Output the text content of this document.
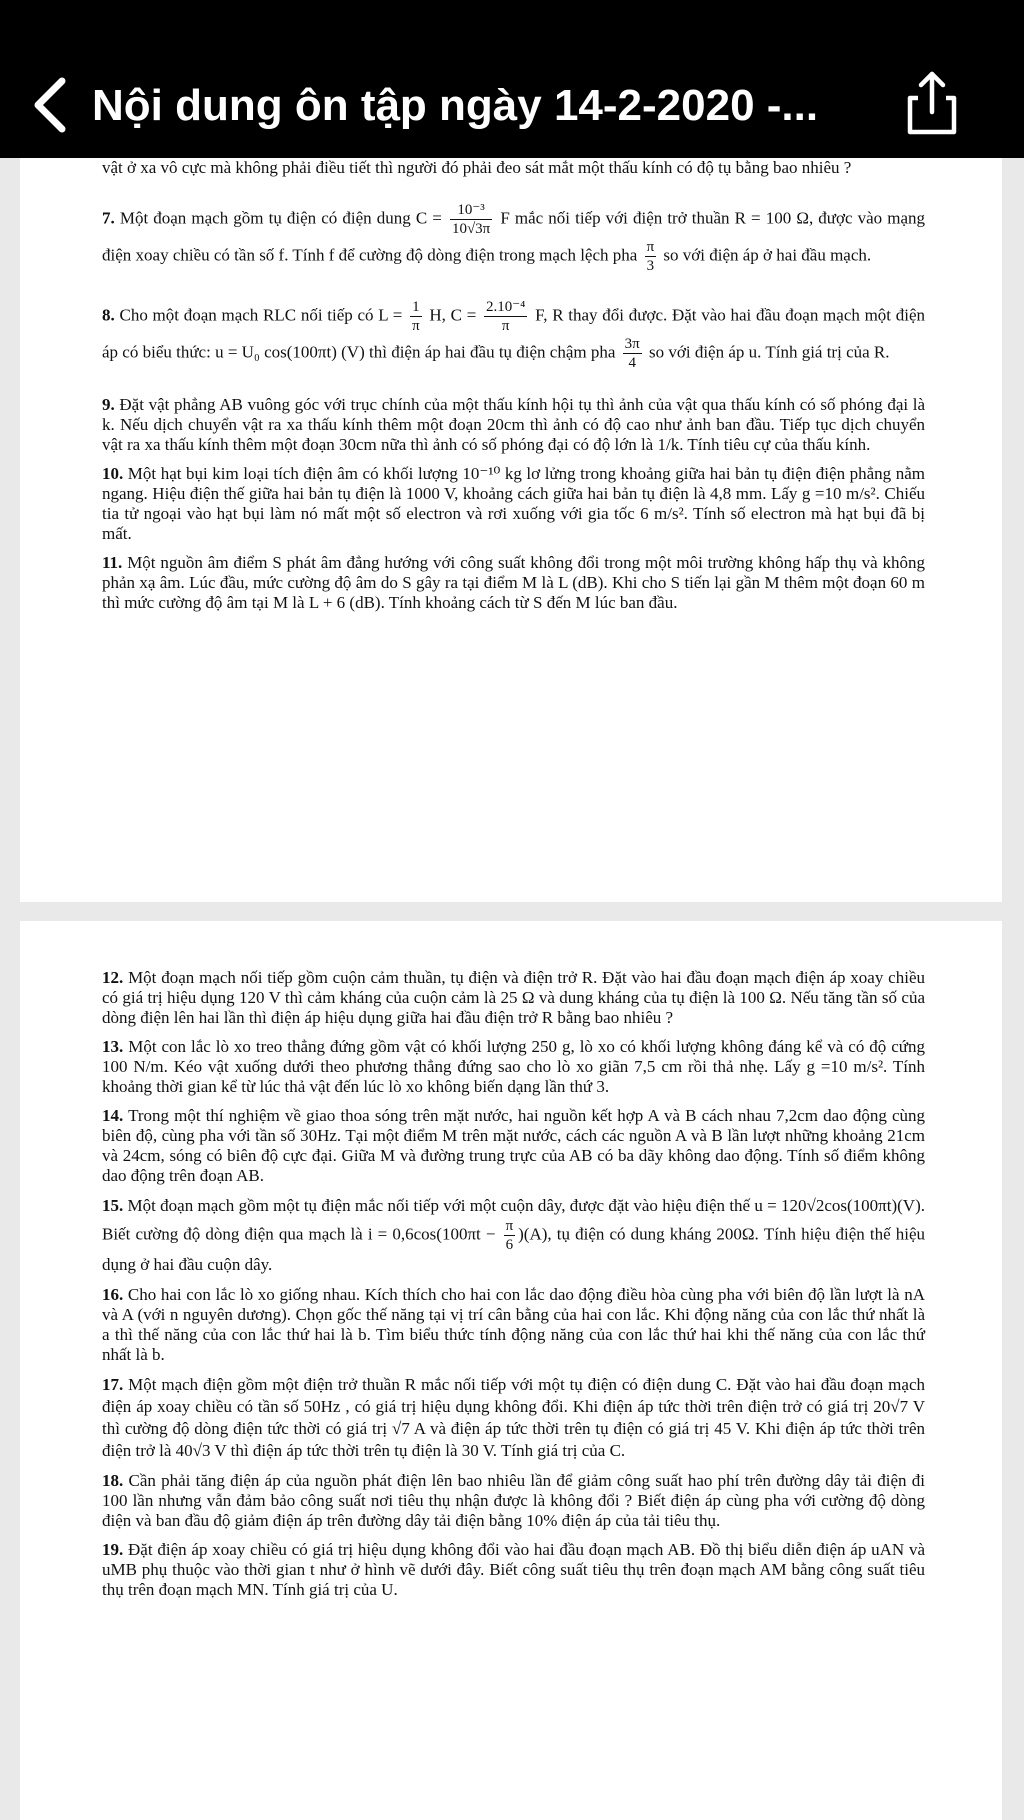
Nội dung ôn tập ngày 14-2-2020 -...

vật ở xa vô cực mà không phải điều tiết thì người đó phải đeo sát mắt một thấu kính có độ tụ bằng bao nhiêu ?

7. Một đoạn mạch gồm tụ điện có điện dung $C = \frac{\text{10⁻³}}{10√3\pi}$ F mắc nối tiếp với điện trở thuần R = 100 Ω, được vào mạng điện xoay chiều có tần số f. Tính f để cường độ dòng điện trong mạch lệch pha $\frac{\pi}{3}$ so với điện áp ở hai đầu mạch.

8. Cho một đoạn mạch RLC nối tiếp có $L = \frac{1}{\pi} H$, $C = \frac{\text{2.10⁻⁴}}{\pi} F$, R thay đổi được. Đặt vào hai đầu đoạn mạch một điện áp có biểu thức: u = U₀ cos(100πt) (V) thì điện áp hai đầu tụ điện chậm pha $\frac{3\pi}{4}$ so với điện áp u. Tính giá trị của R.

9. Đặt vật phẳng AB vuông góc với trục chính của một thấu kính hội tụ thì ảnh của vật qua thấu kính có số phóng đại là k. Nếu dịch chuyển vật ra xa thấu kính thêm một đoạn 20cm thì ảnh có độ cao như ảnh ban đầu. Tiếp tục dịch chuyển vật ra xa thấu kính thêm một đoạn 30cm nữa thì ảnh có số phóng đại có độ lớn là 1/k. Tính tiêu cự của thấu kính.

10. Một hạt bụi kim loại tích điện âm có khối lượng 10⁻¹⁰ kg lơ lửng trong khoảng giữa hai bản tụ điện điện phẳng nằm ngang. Hiệu điện thế giữa hai bản tụ điện là 1000 V, khoảng cách giữa hai bản tụ điện là 4,8 mm. Lấy g =10 m/s². Chiếu tia tử ngoại vào hạt bụi làm nó mất một số electron và rơi xuống với gia tốc 6 m/s². Tính số electron mà hạt bụi đã bị mất.

11. Một nguồn âm điểm S phát âm đẳng hướng với công suất không đổi trong một môi trường không hấp thụ và không phản xạ âm. Lúc đầu, mức cường độ âm do S gây ra tại điểm M là L (dB). Khi cho S tiến lại gần M thêm một đoạn 60 m thì mức cường độ âm tại M là L + 6 (dB). Tính khoảng cách từ S đến M lúc ban đầu.

12. Một đoạn mạch nối tiếp gồm cuộn cảm thuần, tụ điện và điện trở R. Đặt vào hai đầu đoạn mạch điện áp xoay chiều có giá trị hiệu dụng 120 V thì cảm kháng của cuộn cảm là 25 Ω và dung kháng của tụ điện là 100 Ω. Nếu tăng tần số của dòng điện lên hai lần thì điện áp hiệu dụng giữa hai đầu điện trở R bằng bao nhiêu ?

13. Một con lắc lò xo treo thẳng đứng gồm vật có khối lượng 250 g, lò xo có khối lượng không đáng kể và có độ cứng 100 N/m. Kéo vật xuống dưới theo phương thẳng đứng sao cho lò xo giãn 7,5 cm rồi thả nhẹ. Lấy g =10 m/s². Tính khoảng thời gian kể từ lúc thả vật đến lúc lò xo không biến dạng lần thứ 3.

14. Trong một thí nghiệm về giao thoa sóng trên mặt nước, hai nguồn kết hợp A và B cách nhau 7,2cm dao động cùng biên độ, cùng pha với tần số 30Hz. Tại một điểm M trên mặt nước, cách các nguồn A và B lần lượt những khoảng 21cm và 24cm, sóng có biên độ cực đại. Giữa M và đường trung trực của AB có ba dãy không dao động. Tính số điểm không dao động trên đoạn AB.

15. Một đoạn mạch gồm một tụ điện mắc nối tiếp với một cuộn dây, được đặt vào hiệu điện thế u = 120√2cos(100πt)(V). Biết cường độ dòng điện qua mạch là $i = 0,6\cos(100\pi t - \frac{\pi}{6} )(A)$, tụ điện có dung kháng 200Ω. Tính hiệu điện thế hiệu dụng ở hai đầu cuộn dây.

16. Cho hai con lắc lò xo giống nhau. Kích thích cho hai con lắc dao động điều hòa cùng pha với biên độ lần lượt là nA và A (với n nguyên dương). Chọn gốc thế năng tại vị trí cân bằng của hai con lắc. Khi động năng của con lắc thứ nhất là a thì thế năng của con lắc thứ hai là b. Tìm biểu thức tính động năng của con lắc thứ hai khi thế năng của con lắc thứ nhất là b.

17. Một mạch điện gồm một điện trở thuần R mắc nối tiếp với một tụ điện có điện dung C. Đặt vào hai đầu đoạn mạch điện áp xoay chiều có tần số 50Hz , có giá trị hiệu dụng không đổi. Khi điện áp tức thời trên điện trở có giá trị 20√7 V thì cường độ dòng điện tức thời có giá trị √7 A và điện áp tức thời trên tụ điện có giá trị 45 V. Khi điện áp tức thời trên điện trở là 40√3 V thì điện áp tức thời trên tụ điện là 30 V. Tính giá trị của C.

18. Cần phải tăng điện áp của nguồn phát điện lên bao nhiêu lần để giảm công suất hao phí trên đường dây tải điện đi 100 lần nhưng vẫn đảm bảo công suất nơi tiêu thụ nhận được là không đổi ? Biết điện áp cùng pha với cường độ dòng điện và ban đầu độ giảm điện áp trên đường dây tải điện bằng 10% điện áp của tải tiêu thụ.

19. Đặt điện áp xoay chiều có giá trị hiệu dụng không đổi vào hai đầu đoạn mạch AB. Đồ thị biểu diễn điện áp uAN và uMB phụ thuộc vào thời gian t như ở hình vẽ dưới đây. Biết công suất tiêu thụ trên đoạn mạch AM bằng công suất tiêu thụ trên đoạn mạch MN. Tính giá trị của U.
